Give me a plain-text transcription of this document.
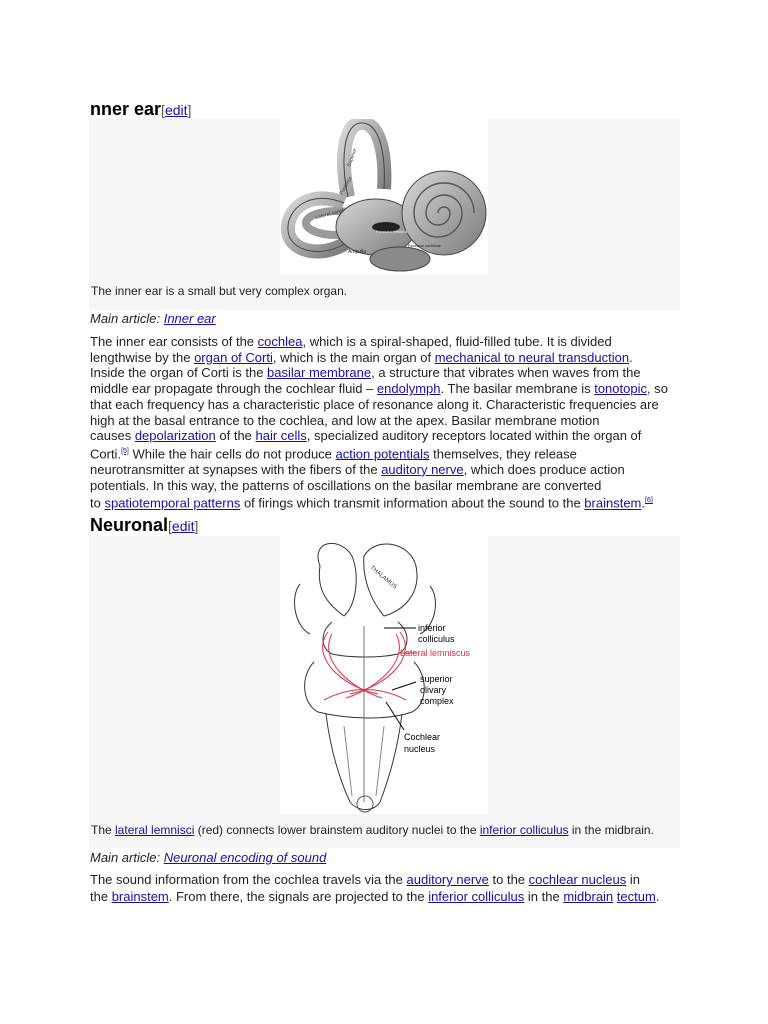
nner ear[edit]
Superior
Posterior
Lateral canal
Fenestra vestibuli
Fenestra cochleae
Ampulla
The inner ear is a small but very complex organ.
Main article: Inner ear
The inner ear consists of the cochlea, which is a spiral-shaped, fluid-filled tube. It is divided
lengthwise by the organ of Corti, which is the main organ of mechanical to neural transduction.
Inside the organ of Corti is the basilar membrane, a structure that vibrates when waves from the
middle ear propagate through the cochlear fluid – endolymph. The basilar membrane is tonotopic, so
that each frequency has a characteristic place of resonance along it. Characteristic frequencies are
high at the basal entrance to the cochlea, and low at the apex. Basilar membrane motion
causes depolarization of the hair cells, specialized auditory receptors located within the organ of
Corti.[5] While the hair cells do not produce action potentials themselves, they release
neurotransmitter at synapses with the fibers of the auditory nerve, which does produce action
potentials. In this way, the patterns of oscillations on the basilar membrane are converted
to spatiotemporal patterns of firings which transmit information about the sound to the brainstem.[6]
Neuronal[edit]
THALAMUS
inferior
colliculus
Lateral lemniscus
superior
olivary
complex
Cochlear
nucleus
The lateral lemnisci (red) connects lower brainstem auditory nuclei to the inferior colliculus in the midbrain.
Main article: Neuronal encoding of sound
The sound information from the cochlea travels via the auditory nerve to the cochlear nucleus in
the brainstem. From there, the signals are projected to the inferior colliculus in the midbrain tectum.
